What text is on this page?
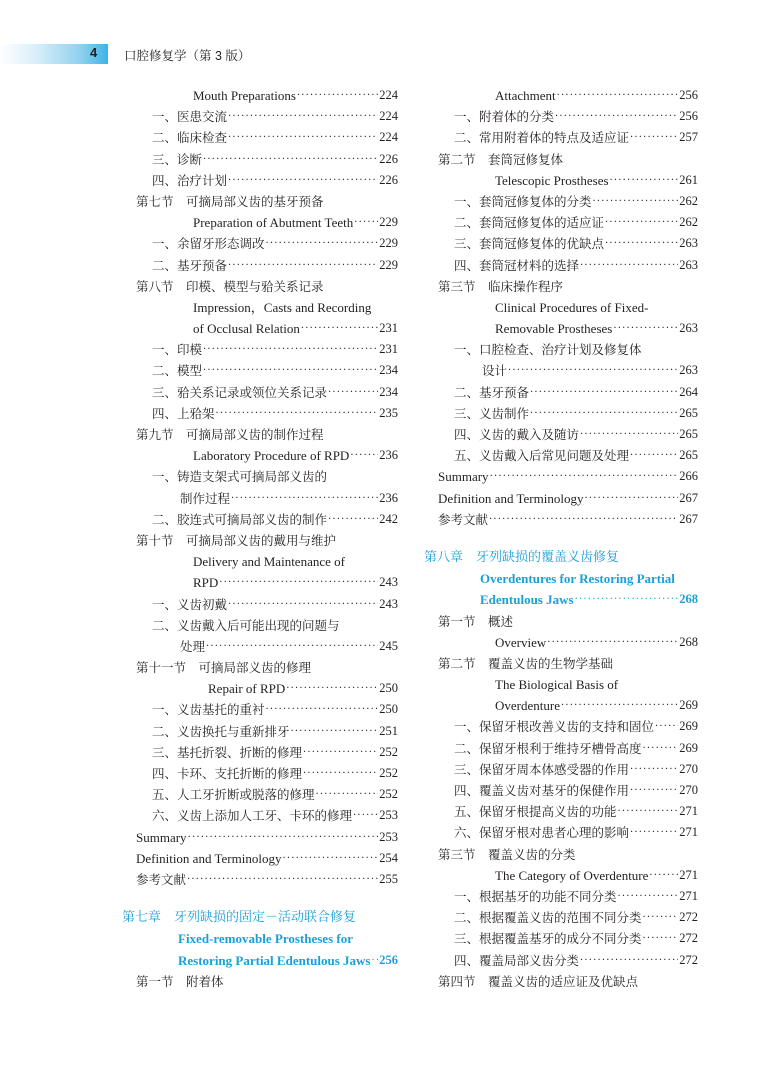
4 口腔修复学（第 3 版）
Mouth Preparations ·····	224
一、医患交流 ·····	224
二、临床检查 ·····	224
三、诊断 ·····	226
四、治疗计划 ·····	226
第七节　可摘局部义齿的基牙预备
Preparation of Abutment Teeth ····· 229
一、余留牙形态调改 ·····	229
二、基牙预备 ·····	229
第八节　印模、模型与𬌗关系记录
Impression，Casts and Recording
of Occlusal Relation ·····	231
一、印模 ·····	231
二、模型 ·····	234
三、𬌗关系记录或领位关系记录 ·····	234
四、上𬌗架 ·····	235
第九节　可摘局部义齿的制作过程
Laboratory Procedure of RPD ····· 236
一、铸造支架式可摘局部义齿的
制作过程 ·····	236
二、胶连式可摘局部义齿的制作 ·····	242
第十节　可摘局部义齿的戴用与维护
Delivery and Maintenance of
RPD ·····	243
一、义齿初戴 ·····	243
二、义齿戴入后可能出现的问题与
处理 ·····	245
第十一节　可摘局部义齿的修理
Repair of RPD ·····	250
一、义齿基托的重衬 ·····	250
二、义齿换托与重新排牙 ·····	251
三、基托折裂、折断的修理 ·····	252
四、卡环、支托折断的修理 ·····	252
五、人工牙折断或脱落的修理 ·····	252
六、义齿上添加人工牙、卡环的修理 ····· 253
Summary ·····	253
Definition and Terminology ·····	254
参考文献 ·····	255
第七章　牙列缺损的固定－活动联合修复
Fixed-removable Prostheses for
Restoring Partial Edentulous Jaws ····· 256
第一节　附着体
Attachment ·····	256
一、附着体的分类 ·····	256
二、常用附着体的特点及适应证 ·····	257
第二节　套筒冠修复体
Telescopic Prostheses ·····	261
一、套筒冠修复体的分类 ·····	262
二、套筒冠修复体的适应证 ·····	262
三、套筒冠修复体的优缺点 ·····	263
四、套筒冠材料的选择 ·····	263
第三节　临床操作程序
Clinical Procedures of Fixed-
Removable Prostheses ·····	263
一、口腔检查、治疗计划及修复体
设计 ·····	263
二、基牙预备 ·····	264
三、义齿制作 ·····	265
四、义齿的戴入及随访 ·····	265
五、义齿戴入后常见问题及处理 ·····	265
Summary ·····	266
Definition and Terminology ·····	267
参考文献 ·····	267
第八章　牙列缺损的覆盖义齿修复
Overdentures for Restoring Partial
Edentulous Jaws ·····	268
第一节　概述
Overview ·····	268
第二节　覆盖义齿的生物学基础
The Biological Basis of
Overdenture ·····	269
一、保留牙根改善义齿的支持和固位 ····· 269
二、保留牙根利于维持牙槽骨高度 ·····	269
三、保留牙周本体感受器的作用 ·····	270
四、覆盖义齿对基牙的保健作用 ·····	270
五、保留牙根提高义齿的功能 ·····	271
六、保留牙根对患者心理的影响 ·····	271
第三节　覆盖义齿的分类
The Category of Overdenture ····· 271
一、根据基牙的功能不同分类 ·····	271
二、根据覆盖义齿的范围不同分类 ·····	272
三、根据覆盖基牙的成分不同分类 ·····	272
四、覆盖局部义齿分类 ·····	272
第四节　覆盖义齿的适应证及优缺点
